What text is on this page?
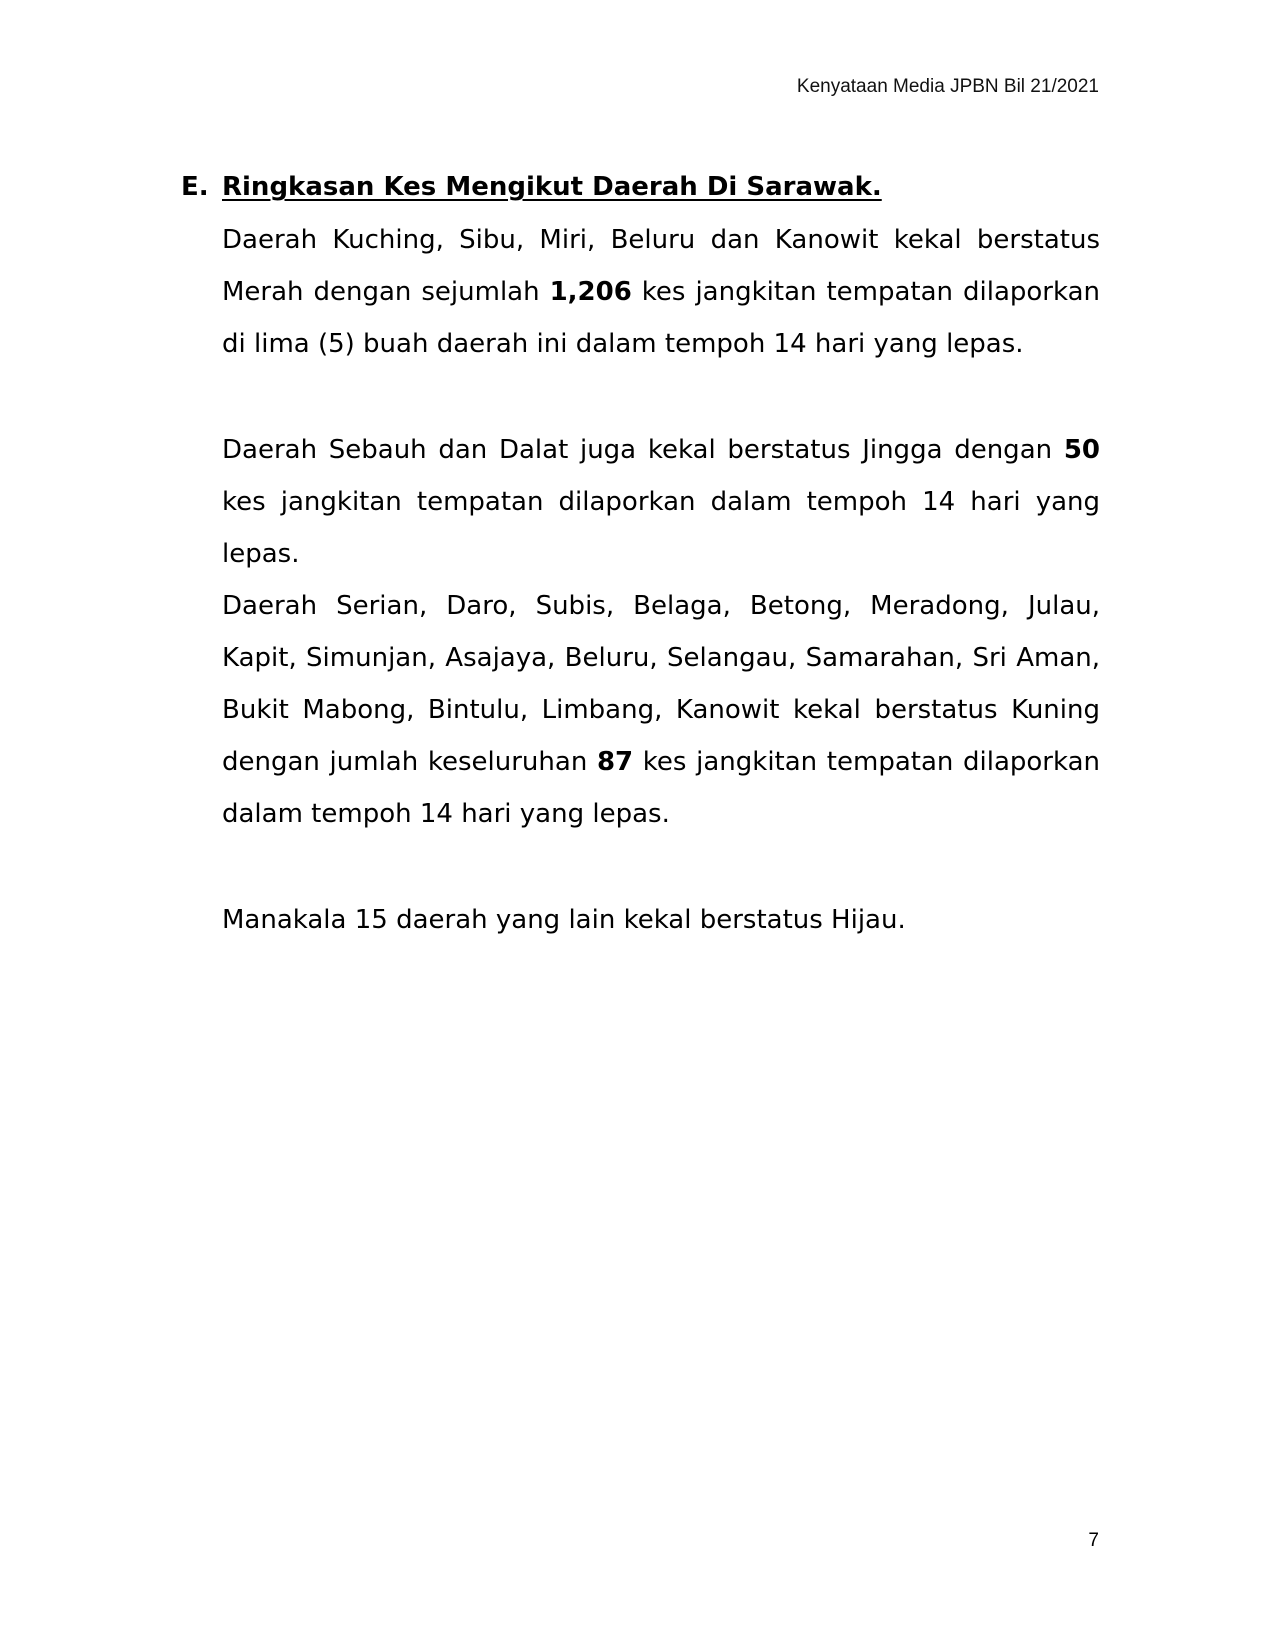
Kenyataan Media JPBN Bil 21/2021

E. Ringkasan Kes Mengikut Daerah Di Sarawak.

Daerah Kuching, Sibu, Miri, Beluru dan Kanowit kekal berstatus Merah dengan sejumlah 1,206 kes jangkitan tempatan dilaporkan di lima (5) buah daerah ini dalam tempoh 14 hari yang lepas.

Daerah Sebauh dan Dalat juga kekal berstatus Jingga dengan 50 kes jangkitan tempatan dilaporkan dalam tempoh 14 hari yang lepas.

Daerah Serian, Daro, Subis, Belaga, Betong, Meradong, Julau, Kapit, Simunjan, Asajaya, Beluru, Selangau, Samarahan, Sri Aman, Bukit Mabong, Bintulu, Limbang, Kanowit kekal berstatus Kuning dengan jumlah keseluruhan 87 kes jangkitan tempatan dilaporkan dalam tempoh 14 hari yang lepas.

Manakala 15 daerah yang lain kekal berstatus Hijau.

7
